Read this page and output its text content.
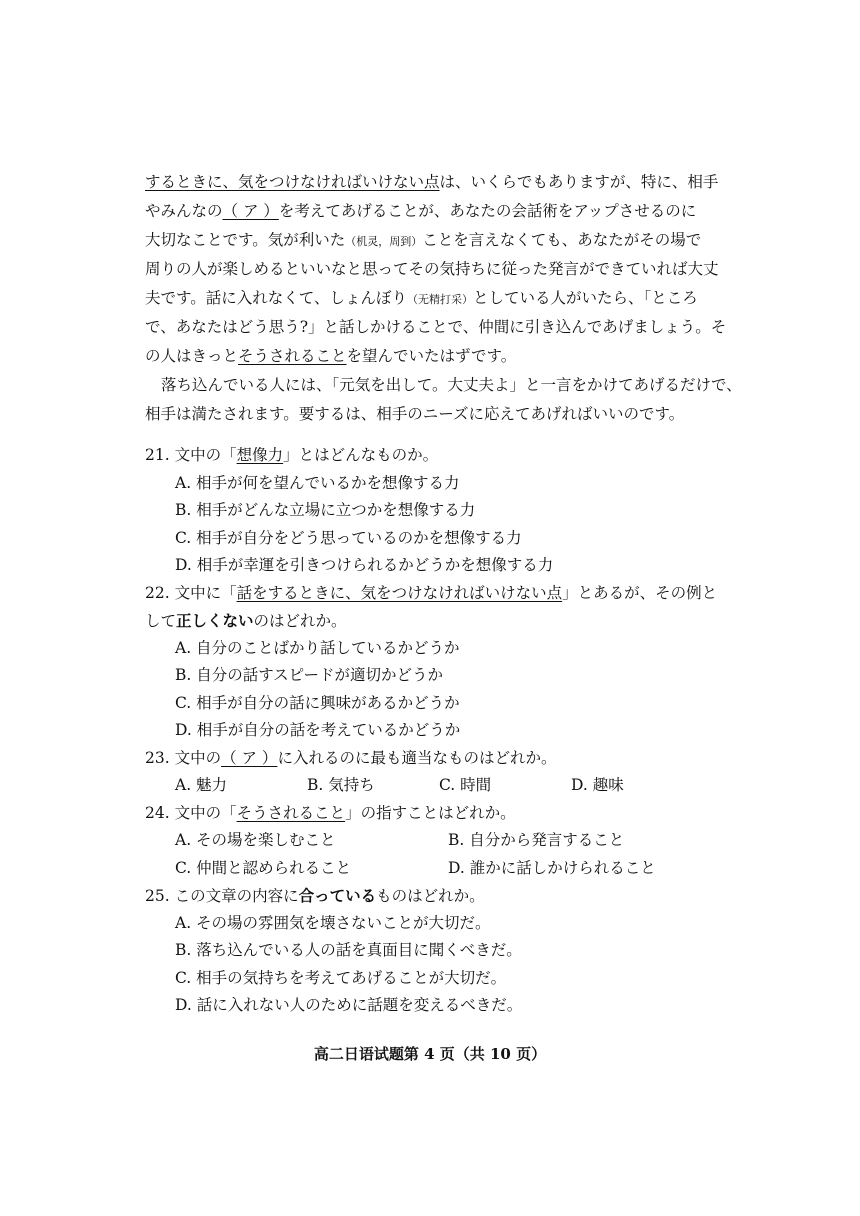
するときに、気をつけなければいけない点は、いくらでもありますが、特に、相手
やみんなの（ ア ）を考えてあげることが、あなたの会話術をアップさせるのに
大切なことです。気が利いた（机灵，周到）ことを言えなくても、あなたがその場で
周りの人が楽しめるといいなと思ってその気持ちに従った発言ができていれば大丈
夫です。話に入れなくて、しょんぼり（无精打采）としている人がいたら、「ところ
で、あなたはどう思う?」と話しかけることで、仲間に引き込んであげましょう。そ
の人はきっとそうされることを望んでいたはずです。
落ち込んでいる人には、「元気を出して。大丈夫よ」と一言をかけてあげるだけで、
相手は満たされます。要するは、相手のニーズに応えてあげればいいのです。
21. 文中の「想像力」とはどんなものか。
A. 相手が何を望んでいるかを想像する力
B. 相手がどんな立場に立つかを想像する力
C. 相手が自分をどう思っているのかを想像する力
D. 相手が幸運を引きつけられるかどうかを想像する力
22. 文中に「話をするときに、気をつけなければいけない点」とあるが、その例と
して正しくないのはどれか。
A. 自分のことばかり話しているかどうか
B. 自分の話すスピードが適切かどうか
C. 相手が自分の話に興味があるかどうか
D. 相手が自分の話を考えているかどうか
23. 文中の（ ア ）に入れるのに最も適当なものはどれか。
A. 魅力	B. 気持ち	C. 時間	D. 趣味
24. 文中の「そうされること」の指すことはどれか。
A. その場を楽しむこと	B. 自分から発言すること
C. 仲間と認められること	D. 誰かに話しかけられること
25. この文章の内容に合っているものはどれか。
A. その場の雰囲気を壊さないことが大切だ。
B. 落ち込んでいる人の話を真面目に聞くべきだ。
C. 相手の気持ちを考えてあげることが大切だ。
D. 話に入れない人のために話題を変えるべきだ。
高二日语试题第 4 页（共 10 页）
